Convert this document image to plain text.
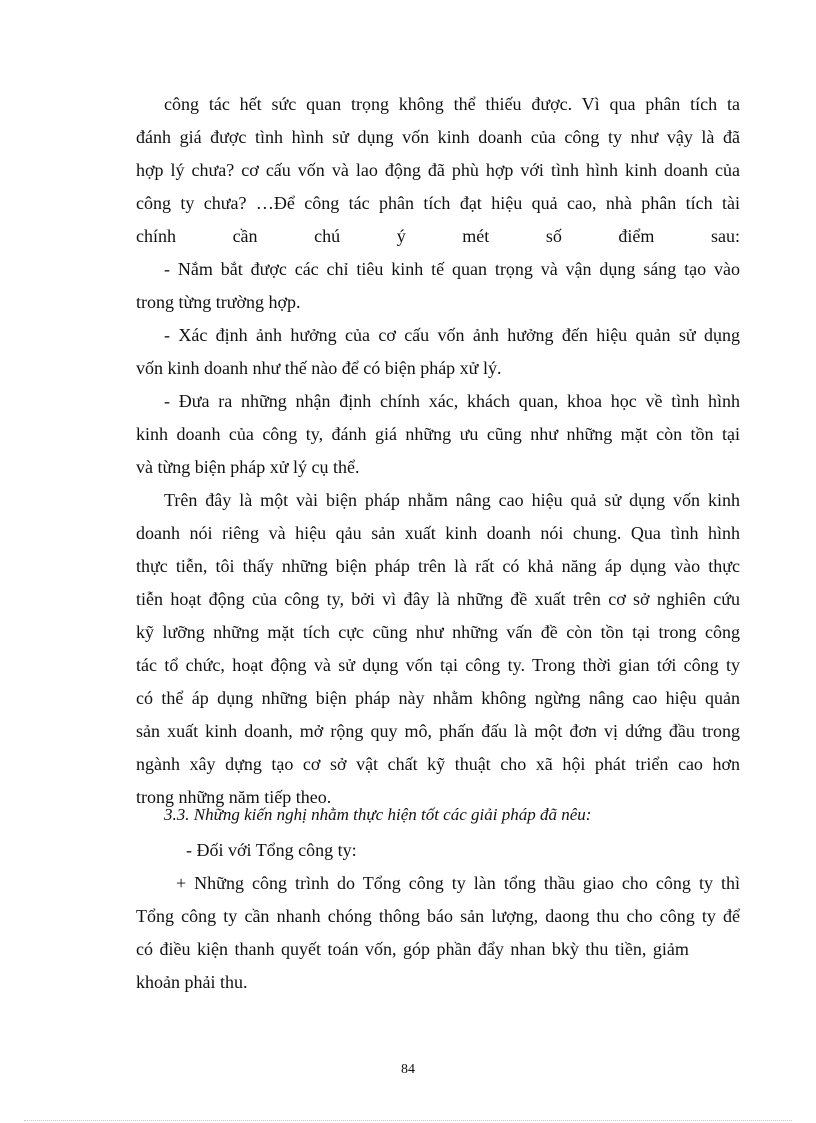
công tác hết sức quan trọng không thể thiếu được. Vì qua phân tích ta
đánh giá được tình hình sử dụng vốn kinh doanh của công ty như vậy là đã
hợp lý chưa? cơ cấu vốn và lao động đã phù hợp với tình hình kinh doanh của
công ty chưa? …Để công tác phân tích đạt hiệu quả cao, nhà phân tích tài
chính cần chú ý mét số điểm sau:
- Nắm bắt được các chỉ tiêu kinh tế quan trọng và vận dụng sáng tạo vào
trong từng trường hợp.
- Xác định ảnh hưởng của cơ cấu vốn ảnh hưởng đến hiệu quản sử dụng
vốn kinh doanh như thế nào để có biện pháp xử lý.
- Đưa ra những nhận định chính xác, khách quan, khoa học về tình hình
kinh doanh của công ty, đánh giá những ưu cũng như những mặt còn tồn tại
và từng biện pháp xử lý cụ thể.
Trên đây là một vài biện pháp nhằm nâng cao hiệu quả sử dụng vốn kinh
doanh nói riêng và hiệu qảu sản xuất kinh doanh nói chung. Qua tình hình
thực tiễn, tôi thấy những biện pháp trên là rất có khả năng áp dụng vào thực
tiễn hoạt động của công ty, bởi vì đây là những đề xuất trên cơ sở nghiên cứu
kỹ lưỡng những mặt tích cực cũng như những vấn đề còn tồn tại trong công
tác tổ chức, hoạt động và sử dụng vốn tại công ty. Trong thời gian tới công ty
có thể áp dụng những biện pháp này nhằm không ngừng nâng cao hiệu quản
sản xuất kinh doanh, mở rộng quy mô, phấn đấu là một đơn vị dứng đầu trong
ngành xây dựng tạo cơ sở vật chất kỹ thuật cho xã hội phát triển cao hơn
trong những năm tiếp theo.
3.3. Những kiến nghị nhằm thực hiện tốt các giải pháp đã nêu:
- Đối với Tổng công ty:
+ Những công trình do Tổng công ty làn tổng thầu giao cho công ty thì
Tổng công ty cần nhanh chóng thông báo sản lượng, daong thu cho công ty để
có điều kiện thanh quyết toán vốn, góp phần đẩy nhan bkỳ thu tiền, giảm
khoản phải thu.
84
